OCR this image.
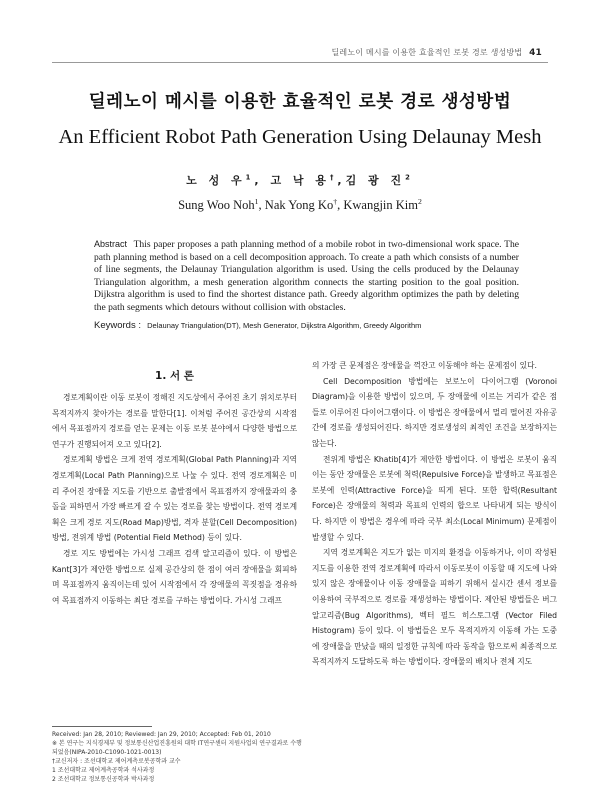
딜레노이 메시를 이용한 효율적인 로봇 경로 생성방법 41
딜레노이 메시를 이용한 효율적인 로봇 경로 생성방법
An Efficient Robot Path Generation Using Delaunay Mesh
노 성 우$^1$, 고 낙 용†,김 광 진$^2$
Sung Woo Noh$^1$, Nak Yong Ko†, Kwangjin Kim$^2$
Abstract This paper proposes a path planning method of a mobile robot in two-dimensional work space. The path planning method is based on a cell decomposition approach. To create a path which consists of a number of line segments, the Delaunay Triangulation algorithm is used. Using the cells produced by the Delaunay Triangulation algorithm, a mesh generation algorithm connects the starting position to the goal position. Dijkstra algorithm is used to find the shortest distance path. Greedy algorithm optimizes the path by deleting the path segments which detours without collision with obstacles.
Keywords : Delaunay Triangulation(DT), Mesh Generator, Dijkstra Algorithm, Greedy Algorithm
1. 서 론

경로계획이란 이동 로봇이 정해진 지도상에서 주어진 초기 위치로부터 목적지까지 찾아가는 경로를 말한다[1]. 이처럼 주어진 공간상의 시작점에서 목표점까지 경로를 얻는 문제는 이동 로봇 분야에서 다양한 방법으로 연구가 진행되어져 오고 있다[2].

경로계획 방법은 크게 전역 경로계획(Global Path Planning)과 지역 경로계획(Local Path Planning)으로 나눌 수 있다. 전역 경로계획은 미리 주어진 장애물 지도를 기반으로 출발점에서 목표점까지 장애물과의 충돌을 피하면서 가장 빠르게 갈 수 있는 경로를 찾는 방법이다. 전역 경로계획은 크게 경로 지도(Road Map)방법, 격자 분할(Cell Decomposition)방법, 전위계 방법 (Potential Field Method) 등이 있다.

경로 지도 방법에는 가시성 그래프 검색 알고리즘이 있다. 이 방법은 Kant[3]가 제안한 방법으로 실제 공간상의 한 점이 여러 장애물을 회피하며 목표점까지 움직이는데 있어 시작점에서 각 장애물의 꼭짓점을 경유하여 목표점까지 이동하는 최단 경로를 구하는 방법이다. 가시성 그래프

의 가장 큰 문제점은 장애물을 꺽잔고 이동해야 하는 문제점이 있다.

Cell Decomposition 방법에는 보로노이 다이어그램 (Voronoi Diagram)을 이용한 방법이 있으며, 두 장애물에 이르는 거리가 같은 점들로 이루어진 다이어그램이다. 이 방법은 장애물에서 멀리 떨어진 자유공간에 경로를 생성되어진다. 하지만 경로생성의 최적인 조건을 보장하지는 않는다.

전위계 방법은 Khatib[4]가 제안한 방법이다. 이 방법은 로봇이 움직이는 동안 장애물은 로봇에 척력(Repulsive Force)을 발생하고 목표점은 로봇에 인력(Attractive Force)을 띄게 된다. 또한 합력(Resultant Force)은 장애물의 척력과 목표의 인력의 합으로 나타내게 되는 방식이다. 하지만 이 방법은 경우에 따라 국부 최소(Local Minimum) 문제점이 발생할 수 있다.

지역 경로계획은 지도가 없는 미지의 환경을 이동하거나, 이미 작성된 지도를 이용한 전역 경로계획에 따라서 이동로봇이 이동할 때 지도에 나와 있지 않은 장애물이나 이동 장애물을 피하기 위해서 실시간 센서 정보를 이용하여 국부적으로 경로를 재생성하는 방법이다. 제안된 방법들은 버그 알고리즘(Bug Algorithms), 벡터 필드 히스토그램 (Vector Filed Histogram) 등이 있다. 이 방법들은 모두 목적지까지 이동해 가는 도중에 장애물을 만났을 때의 일정한 규칙에 따라 동작을 함으로써 최종적으로 목적지까지 도달하도록 하는 방법이다. 장애물의 배치나 전체 지도

Received: Jan 28, 2010; Reviewed: Jan 29, 2010; Accepted: Feb 01, 2010
※ 본 연구는 지식경제부 및 정보통신산업진흥원의 대학 IT연구센터 지원사업의 연구결과로 수행되었음(NIPA-2010-C1090-1021-0013)
†교신저자 : 조선대학교 제어계측로봇공학과 교수
1 조선대학교 제어계측공학과 석사과정
2 조선대학교 정보통신공학과 박사과정
